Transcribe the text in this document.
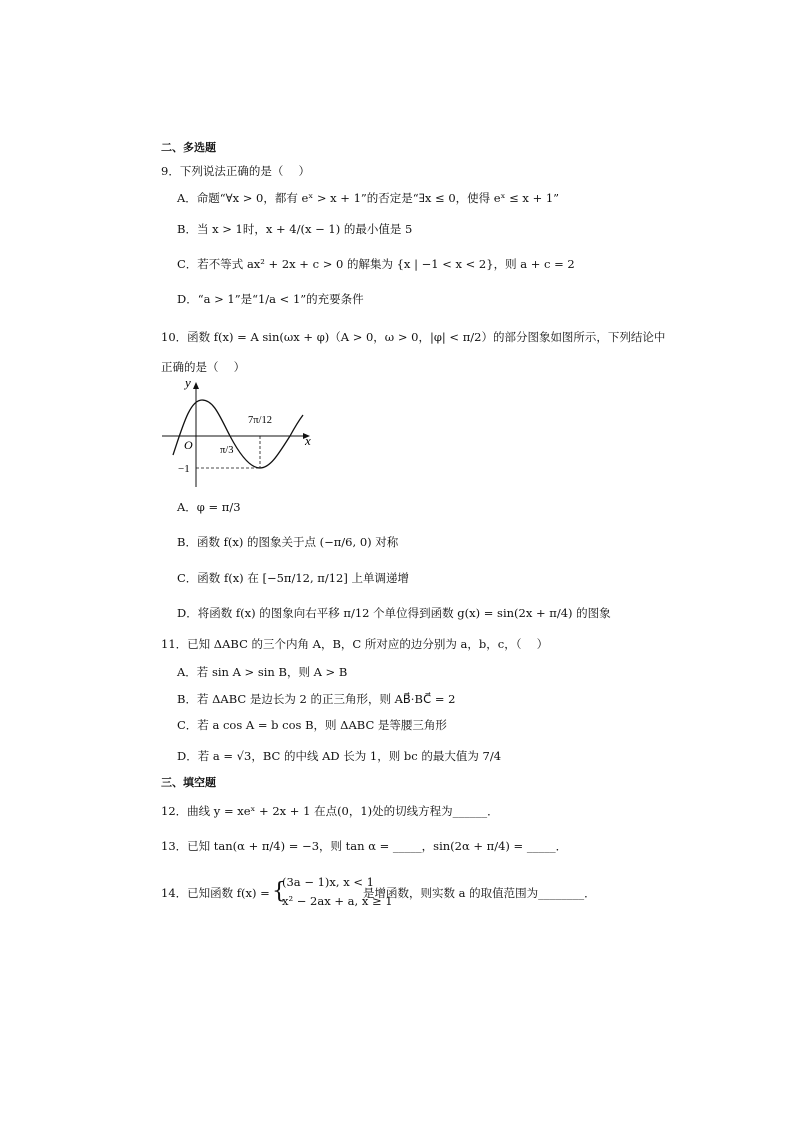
二、多选题
9．下列说法正确的是（　 ）
A．命题“∀x > 0，都有 eˣ > x + 1”的否定是“∃x ≤ 0，使得 eˣ ≤ x + 1”
B．当 x > 1时，x + 4/(x − 1) 的最小值是 5
C．若不等式 ax² + 2x + c > 0 的解集为 {x | −1 < x < 2}，则 a + c = 2
D．“a > 1”是“1/a < 1”的充要条件
10．函数 f(x) = A sin(ωx + φ)（A > 0，ω > 0，|φ| < π/2）的部分图象如图所示，下列结论中
正确的是（　 ）
y
x
O	π/3
7π/12
−1
A．φ = π/3
B．函数 f(x) 的图象关于点 (−π/6, 0) 对称
C．函数 f(x) 在 [−5π/12, π/12] 上单调递增
D．将函数 f(x) 的图象向右平移 π/12 个单位得到函数 g(x) = sin(2x + π/4) 的图象
11．已知 ΔABC 的三个内角 A，B，C 所对应的边分别为 a，b，c，（　 ）
A．若 sin A > sin B，则 A > B
B．若 ΔABC 是边长为 2 的正三角形，则 AB⃗·BC⃗ = 2
C．若 a cos A = b cos B，则 ΔABC 是等腰三角形
D．若 a = √3，BC 的中线 AD 长为 1，则 bc 的最大值为 7/4
三、填空题
12．曲线 y = xeˣ + 2x + 1 在点(0，1)处的切线方程为______．
13．已知 tan(α + π/4) = −3，则 tan α = _____，sin(2α + π/4) = _____．
14．已知函数 f(x) = {
(3a − 1)x, x < 1
x² − 2ax + a, x ≥ 1
是增函数，则实数 a 的取值范围为________．
